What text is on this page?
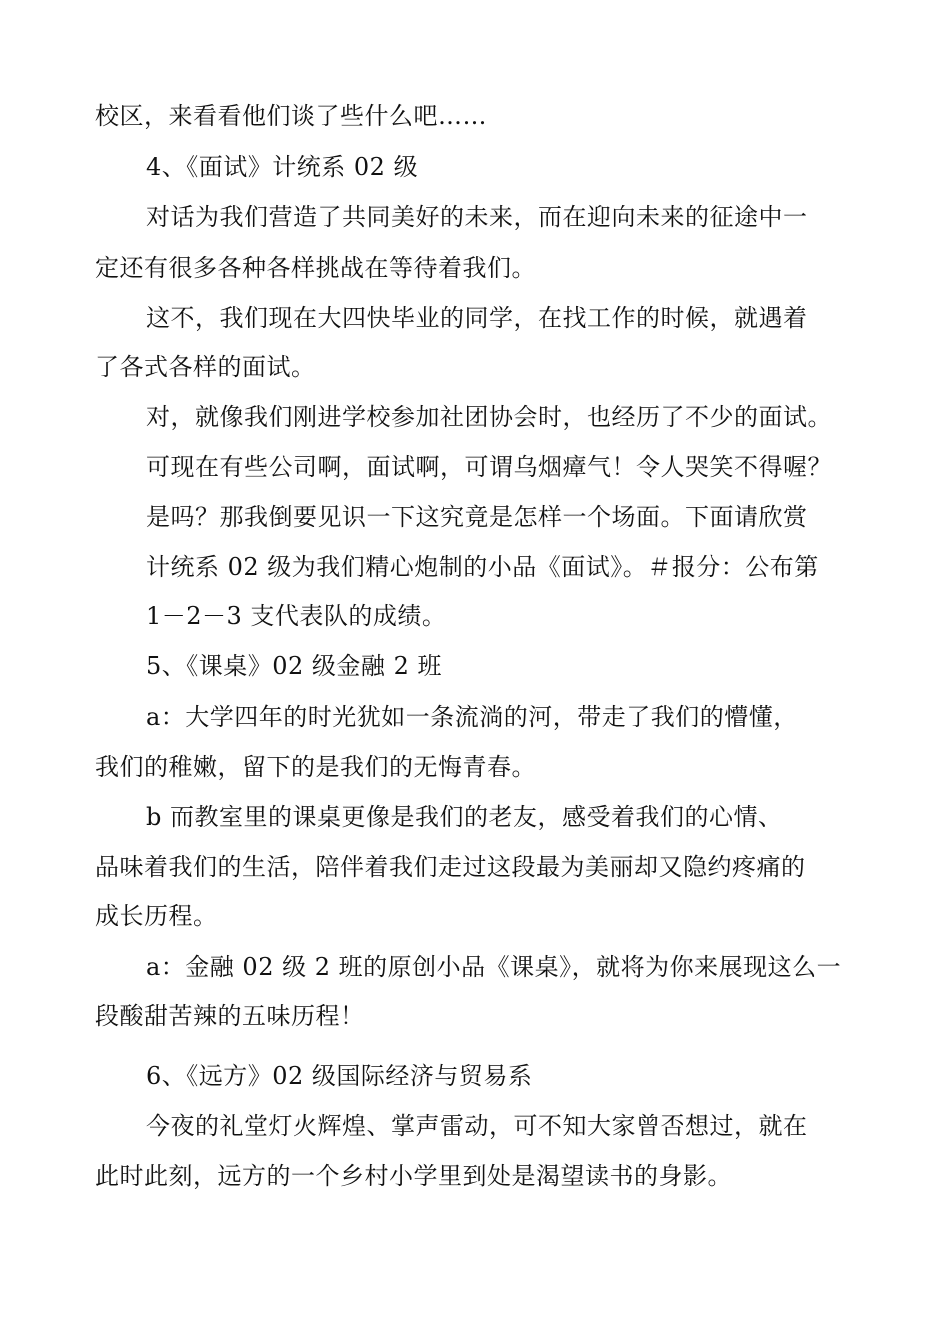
校区，来看看他们谈了些什么吧……
4、《面试》计统系 02 级
对话为我们营造了共同美好的未来，而在迎向未来的征途中一
定还有很多各种各样挑战在等待着我们。
这不，我们现在大四快毕业的同学，在找工作的时候，就遇着
了各式各样的面试。
对，就像我们刚进学校参加社团协会时，也经历了不少的面试。
可现在有些公司啊，面试啊，可谓乌烟瘴气！令人哭笑不得喔？
是吗？那我倒要见识一下这究竟是怎样一个场面。下面请欣赏
计统系 02 级为我们精心炮制的小品《面试》。＃报分：公布第
1－2－3 支代表队的成绩。
5、《课桌》02 级金融 2 班
a：大学四年的时光犹如一条流淌的河，带走了我们的懵懂，
我们的稚嫩，留下的是我们的无悔青春。
b 而教室里的课桌更像是我们的老友，感受着我们的心情、
品味着我们的生活，陪伴着我们走过这段最为美丽却又隐约疼痛的
成长历程。
a：金融 02 级 2 班的原创小品《课桌》，就将为你来展现这么一
段酸甜苦辣的五味历程！
6、《远方》02 级国际经济与贸易系
今夜的礼堂灯火辉煌、掌声雷动，可不知大家曾否想过，就在
此时此刻，远方的一个乡村小学里到处是渴望读书的身影。
